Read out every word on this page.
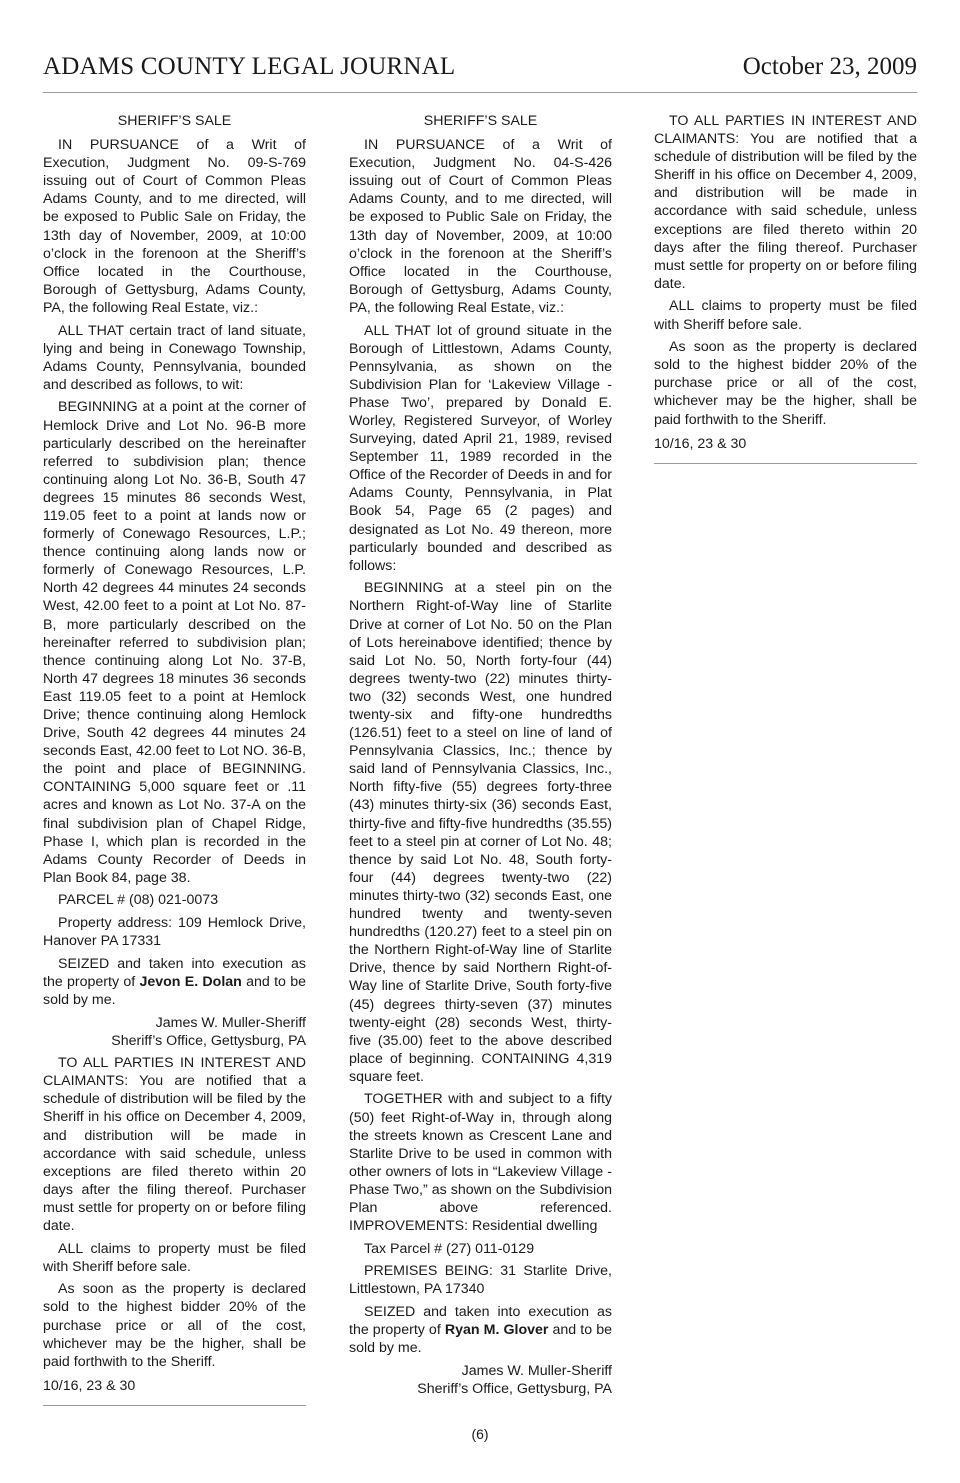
ADAMS COUNTY LEGAL JOURNAL	October 23, 2009

SHERIFF’S SALE

IN PURSUANCE of a Writ of Execution, Judgment No. 09-S-769 issuing out of Court of Common Pleas Adams County, and to me directed, will be exposed to Public Sale on Friday, the 13th day of November, 2009, at 10:00 o’clock in the forenoon at the Sheriff’s Office located in the Courthouse, Borough of Gettysburg, Adams County, PA, the following Real Estate, viz.:

ALL THAT certain tract of land situate, lying and being in Conewago Township, Adams County, Pennsylvania, bounded and described as follows, to wit:

BEGINNING at a point at the corner of Hemlock Drive and Lot No. 96-B more particularly described on the hereinafter referred to subdivision plan; thence continuing along Lot No. 36-B, South 47 degrees 15 minutes 86 seconds West, 119.05 feet to a point at lands now or formerly of Conewago Resources, L.P.; thence continuing along lands now or formerly of Conewago Resources, L.P. North 42 degrees 44 minutes 24 seconds West, 42.00 feet to a point at Lot No. 87-B, more particularly described on the hereinafter referred to subdivision plan; thence continuing along Lot No. 37-B, North 47 degrees 18 minutes 36 seconds East 119.05 feet to a point at Hemlock Drive; thence continuing along Hemlock Drive, South 42 degrees 44 minutes 24 seconds East, 42.00 feet to Lot NO. 36-B, the point and place of BEGINNING. CONTAINING 5,000 square feet or .11 acres and known as Lot No. 37-A on the final subdivision plan of Chapel Ridge, Phase I, which plan is recorded in the Adams County Recorder of Deeds in Plan Book 84, page 38.

PARCEL # (08) 021-0073

Property address: 109 Hemlock Drive, Hanover PA 17331

SEIZED and taken into execution as the property of Jevon E. Dolan and to be sold by me.

James W. Muller-Sheriff

Sheriff’s Office, Gettysburg, PA

TO ALL PARTIES IN INTEREST AND CLAIMANTS: You are notified that a schedule of distribution will be filed by the Sheriff in his office on December 4, 2009, and distribution will be made in accordance with said schedule, unless exceptions are filed thereto within 20 days after the filing thereof. Purchaser must settle for property on or before filing date.

ALL claims to property must be filed with Sheriff before sale.

As soon as the property is declared sold to the highest bidder 20% of the purchase price or all of the cost, whichever may be the higher, shall be paid forthwith to the Sheriff.

10/16, 23 & 30

SHERIFF’S SALE

IN PURSUANCE of a Writ of Execution, Judgment No. 04-S-426 issuing out of Court of Common Pleas Adams County, and to me directed, will be exposed to Public Sale on Friday, the 13th day of November, 2009, at 10:00 o’clock in the forenoon at the Sheriff’s Office located in the Courthouse, Borough of Gettysburg, Adams County, PA, the following Real Estate, viz.:

ALL THAT lot of ground situate in the Borough of Littlestown, Adams County, Pennsylvania, as shown on the Subdivision Plan for ‘Lakeview Village - Phase Two’, prepared by Donald E. Worley, Registered Surveyor, of Worley Surveying, dated April 21, 1989, revised September 11, 1989 recorded in the Office of the Recorder of Deeds in and for Adams County, Pennsylvania, in Plat Book 54, Page 65 (2 pages) and designated as Lot No. 49 thereon, more particularly bounded and described as follows:

BEGINNING at a steel pin on the Northern Right-of-Way line of Starlite Drive at corner of Lot No. 50 on the Plan of Lots hereinabove identified; thence by said Lot No. 50, North forty-four (44) degrees twenty-two (22) minutes thirty-two (32) seconds West, one hundred twenty-six and fifty-one hundredths (126.51) feet to a steel on line of land of Pennsylvania Classics, Inc.; thence by said land of Pennsylvania Classics, Inc., North fifty-five (55) degrees forty-three (43) minutes thirty-six (36) seconds East, thirty-five and fifty-five hundredths (35.55) feet to a steel pin at corner of Lot No. 48; thence by said Lot No. 48, South forty-four (44) degrees twenty-two (22) minutes thirty-two (32) seconds East, one hundred twenty and twenty-seven hundredths (120.27) feet to a steel pin on the Northern Right-of-Way line of Starlite Drive, thence by said Northern Right-of-Way line of Starlite Drive, South forty-five (45) degrees thirty-seven (37) minutes twenty-eight (28) seconds West, thirty-five (35.00) feet to the above described place of beginning. CONTAINING 4,319 square feet.

TOGETHER with and subject to a fifty (50) feet Right-of-Way in, through along the streets known as Crescent Lane and Starlite Drive to be used in common with other owners of lots in “Lakeview Village - Phase Two,” as shown on the Subdivision Plan above referenced. IMPROVEMENTS: Residential dwelling

Tax Parcel # (27) 011-0129

PREMISES BEING: 31 Starlite Drive, Littlestown, PA 17340

SEIZED and taken into execution as the property of Ryan M. Glover and to be sold by me.

James W. Muller-Sheriff

Sheriff’s Office, Gettysburg, PA

TO ALL PARTIES IN INTEREST AND CLAIMANTS: You are notified that a schedule of distribution will be filed by the Sheriff in his office on December 4, 2009, and distribution will be made in accordance with said schedule, unless exceptions are filed thereto within 20 days after the filing thereof. Purchaser must settle for property on or before filing date.

ALL claims to property must be filed with Sheriff before sale.

As soon as the property is declared sold to the highest bidder 20% of the purchase price or all of the cost, whichever may be the higher, shall be paid forthwith to the Sheriff.

10/16, 23 & 30

(6)
